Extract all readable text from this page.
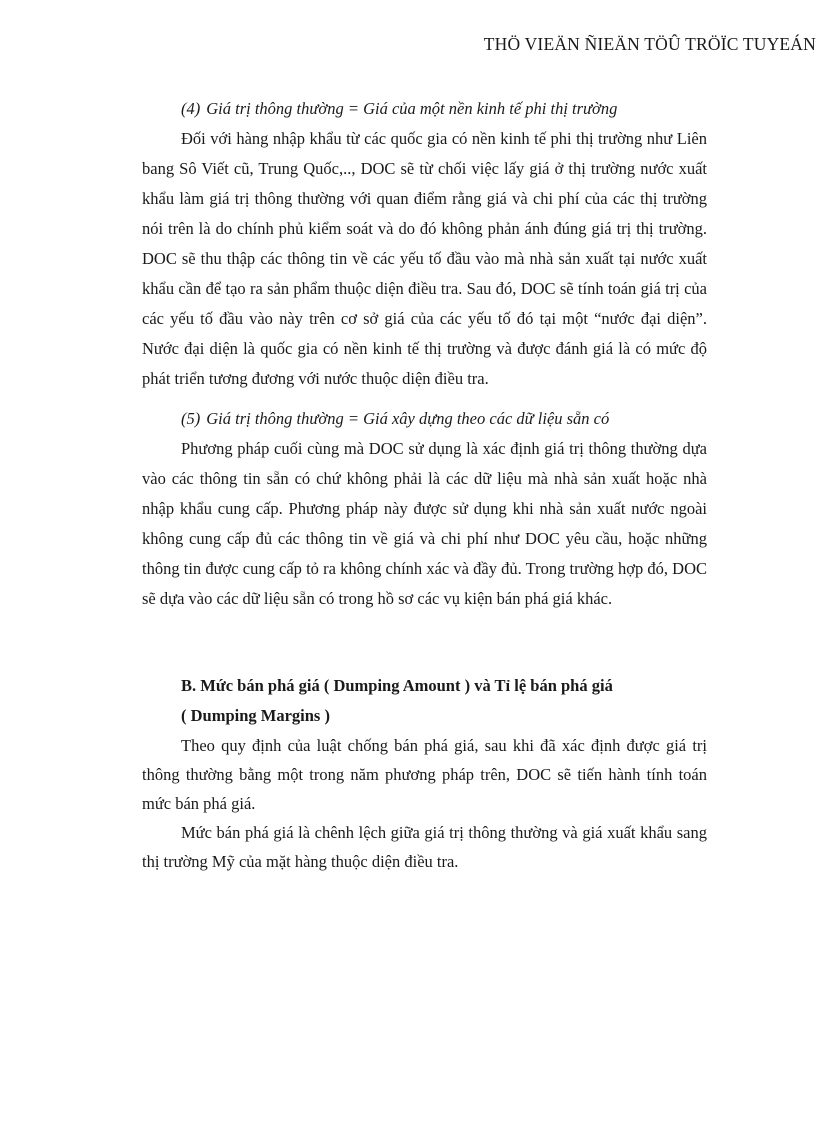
THÖ VIEÄN ÑIEÄN TÖÛ TRÖÏC TUYEÁN

(4) Giá trị thông thường = Giá của một nền kinh tế phi thị trường

Đối với hàng nhập khẩu từ các quốc gia có nền kinh tế phi thị trường như Liên bang Sô Viết cũ, Trung Quốc,.., DOC sẽ từ chối việc lấy giá ở thị trường nước xuất khẩu làm giá trị thông thường với quan điểm rằng giá và chi phí của các thị trường nói trên là do chính phủ kiểm soát và do đó không phản ánh đúng giá trị thị trường. DOC sẽ thu thập các thông tin về các yếu tố đầu vào mà nhà sản xuất tại nước xuất khẩu cần để tạo ra sản phẩm thuộc diện điều tra. Sau đó, DOC sẽ tính toán giá trị của các yếu tố đầu vào này trên cơ sở giá của các yếu tố đó tại một “nước đại diện”. Nước đại diện là quốc gia có nền kinh tế thị trường và được đánh giá là có mức độ phát triển tương đương với nước thuộc diện điều tra.

(5) Giá trị thông thường = Giá xây dựng theo các dữ liệu sẵn có

Phương pháp cuối cùng mà DOC sử dụng là xác định giá trị thông thường dựa vào các thông tin sẵn có chứ không phải là các dữ liệu mà nhà sản xuất hoặc nhà nhập khẩu cung cấp. Phương pháp này được sử dụng khi nhà sản xuất nước ngoài không cung cấp đủ các thông tin về giá và chi phí như DOC yêu cầu, hoặc những thông tin được cung cấp tỏ ra không chính xác và đầy đủ. Trong trường hợp đó, DOC sẽ dựa vào các dữ liệu sẵn có trong hồ sơ các vụ kiện bán phá giá khác.

B. Mức bán phá giá ( Dumping Amount ) và Tỉ lệ bán phá giá

( Dumping Margins )

Theo quy định của luật chống bán phá giá, sau khi đã xác định được giá trị thông thường bằng một trong năm phương pháp trên, DOC sẽ tiến hành tính toán mức bán phá giá.

Mức bán phá giá là chênh lệch giữa giá trị thông thường và giá xuất khẩu sang thị trường Mỹ của mặt hàng thuộc diện điều tra.
